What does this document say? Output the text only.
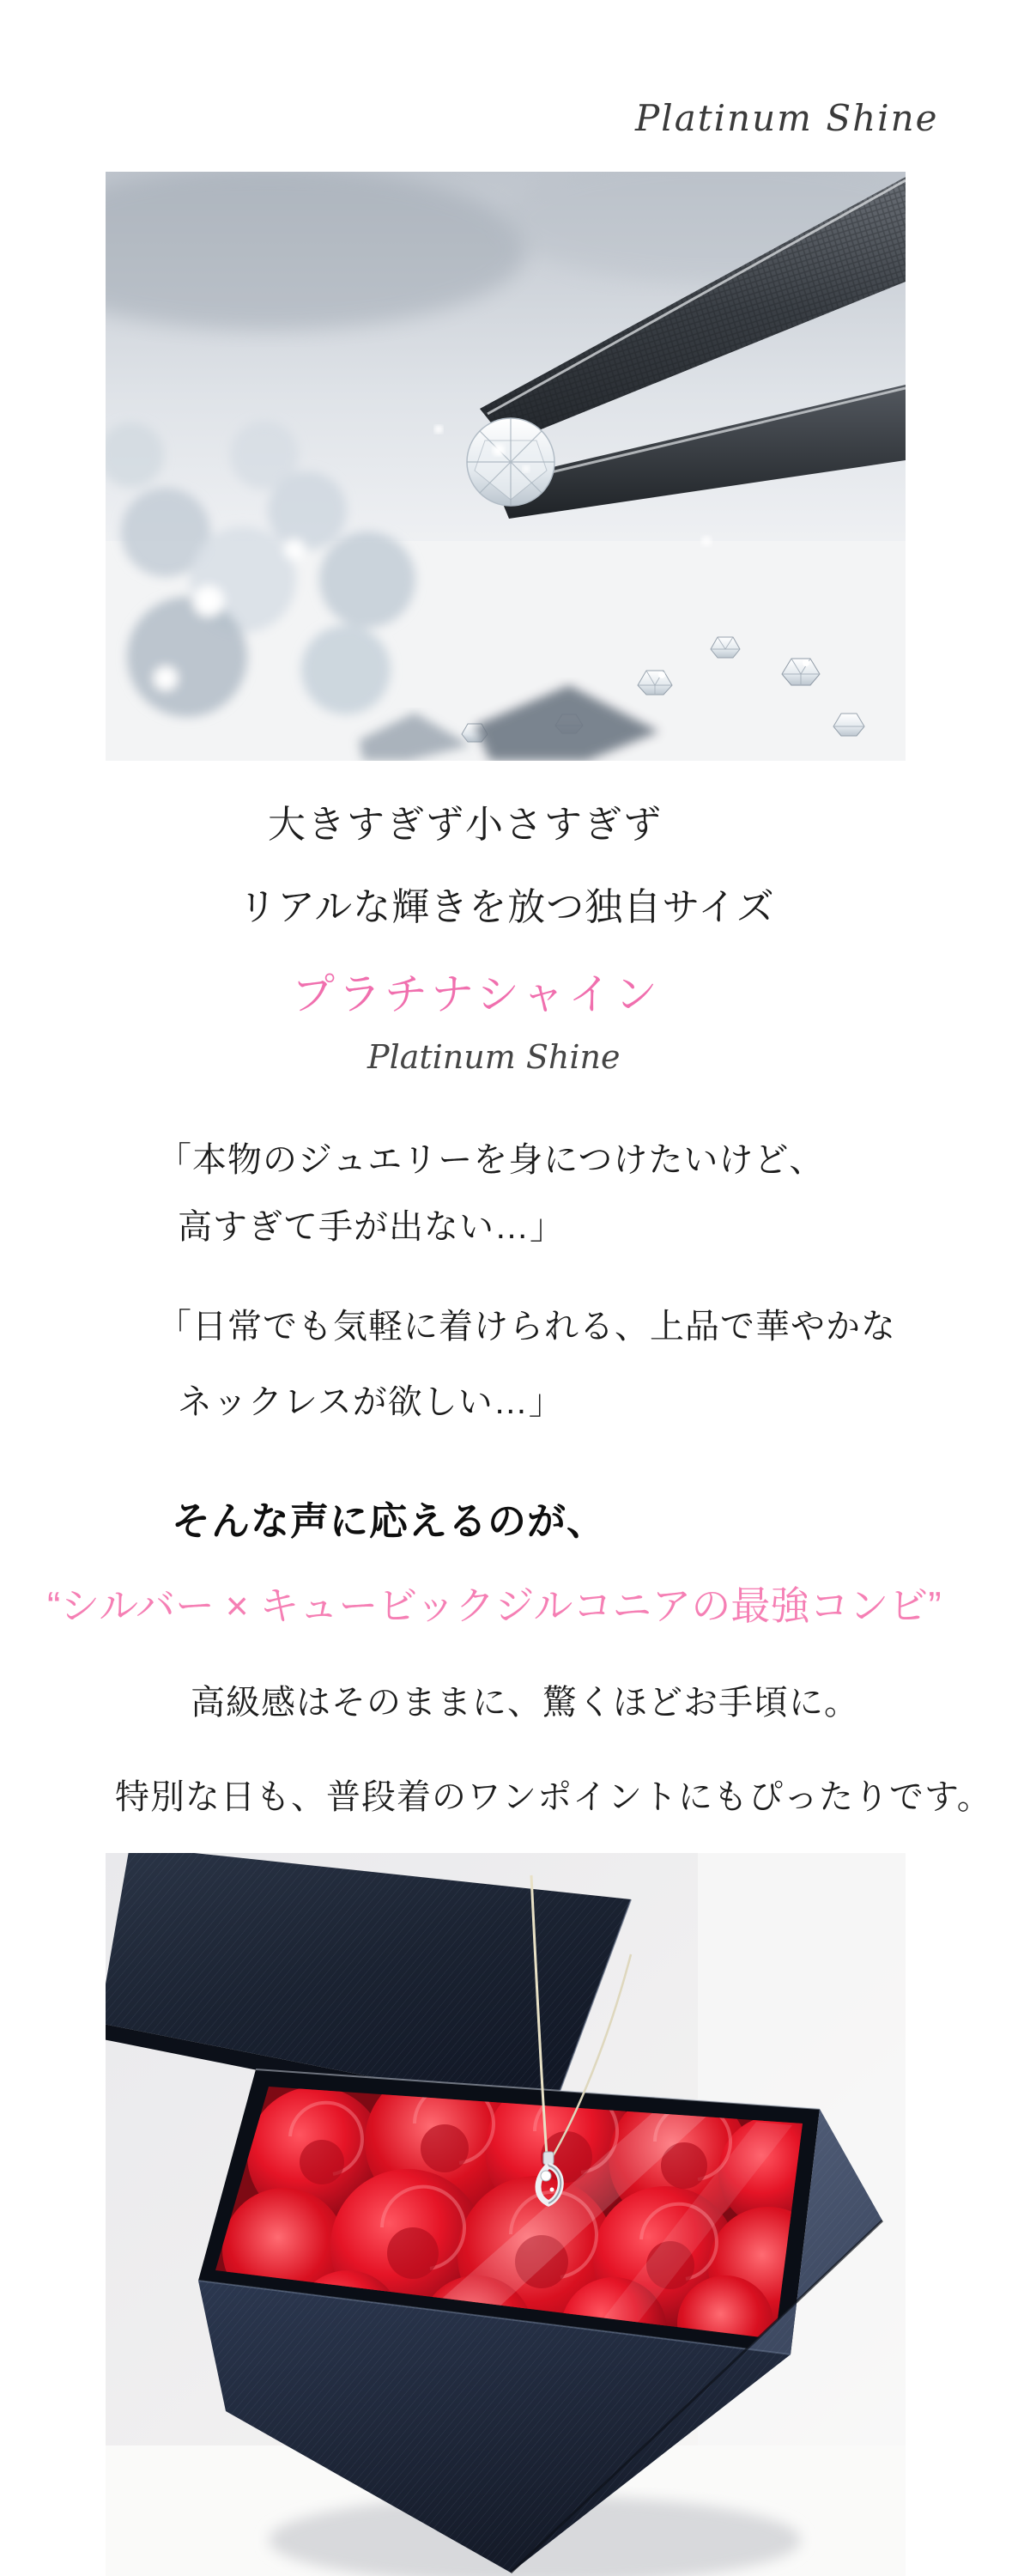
Platinum Shine
大きすぎず小さすぎず
リアルな輝きを放つ独自サイズ
プラチナシャイン
Platinum Shine
「本物のジュエリーを身につけたいけど、
高すぎて手が出ない…」
「日常でも気軽に着けられる、上品で華やかな
ネックレスが欲しい…」
そんな声に応えるのが、
“シルバー × キュービックジルコニアの最強コンビ”
高級感はそのままに、驚くほどお手頃に。
特別な日も、普段着のワンポイントにもぴったりです。
